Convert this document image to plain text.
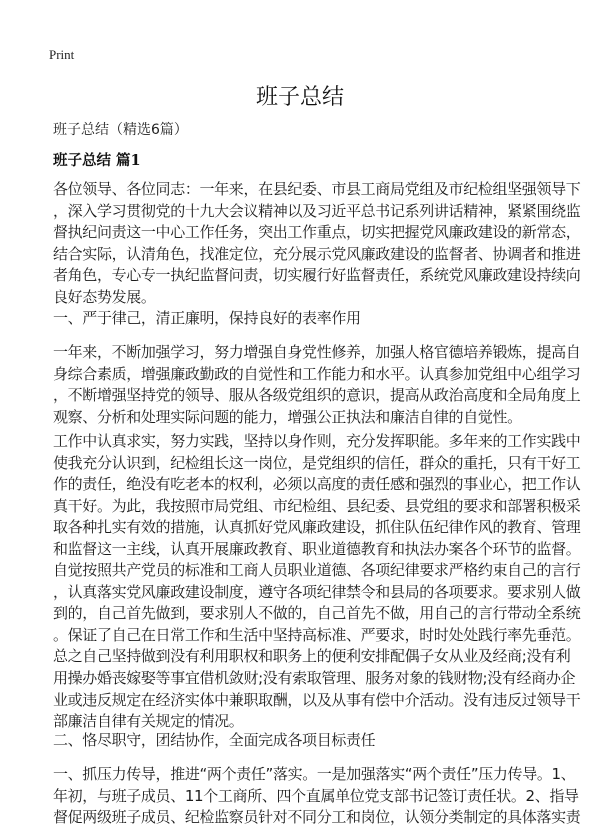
Print
班子总结
班子总结（精选6篇）
班子总结 篇1
各位领导、各位同志：一年来，在县纪委、市县工商局党组及市纪检组坚强领导下
，深入学习贯彻党的十九大会议精神以及习近平总书记系列讲话精神，紧紧围绕监
督执纪问责这一中心工作任务，突出工作重点，切实把握党风廉政建设的新常态，
结合实际，认清角色，找准定位，充分展示党风廉政建设的监督者、协调者和推进
者角色，专心专一执纪监督问责，切实履行好监督责任，系统党风廉政建设持续向
良好态势发展。
一、严于律己，清正廉明，保持良好的表率作用
一年来，不断加强学习，努力增强自身党性修养，加强人格官德培养锻炼，提高自
身综合素质，增强廉政勤政的自觉性和工作能力和水平。认真参加党组中心组学习
，不断增强坚持党的领导、服从各级党组织的意识，提高从政治高度和全局角度上
观察、分析和处理实际问题的能力，增强公正执法和廉洁自律的自觉性。
工作中认真求实，努力实践，坚持以身作则，充分发挥职能。多年来的工作实践中
使我充分认识到，纪检组长这一岗位，是党组织的信任，群众的重托，只有干好工
作的责任，绝没有吃老本的权利，必须以高度的责任感和强烈的事业心，把工作认
真干好。为此，我按照市局党组、市纪检组、县纪委、县党组的要求和部署积极采
取各种扎实有效的措施，认真抓好党风廉政建设，抓住队伍纪律作风的教育、管理
和监督这一主线，认真开展廉政教育、职业道德教育和执法办案各个环节的监督。
自觉按照共产党员的标准和工商人员职业道德、各项纪律要求严格约束自己的言行
，认真落实党风廉政建设制度，遵守各项纪律禁令和县局的各项要求。要求别人做
到的，自己首先做到，要求别人不做的，自己首先不做，用自己的言行带动全系统
。保证了自己在日常工作和生活中坚持高标准、严要求，时时处处践行率先垂范。
总之自己坚持做到没有利用职权和职务上的便利安排配偶子女从业及经商;没有利
用操办婚丧嫁娶等事宜借机敛财;没有索取管理、服务对象的钱财物;没有经商办企
业或违反规定在经济实体中兼职取酬，以及从事有偿中介活动。没有违反过领导干
部廉洁自律有关规定的情况。
二、恪尽职守，团结协作，全面完成各项目标责任
一、抓压力传导，推进“两个责任”落实。一是加强落实“两个责任”压力传导。1、
年初，与班子成员、11个工商所、四个直属单位党支部书记签订责任状。2、指导
督促两级班子成员、纪检监察员针对不同分工和岗位，认领分类制定的具体落实责
